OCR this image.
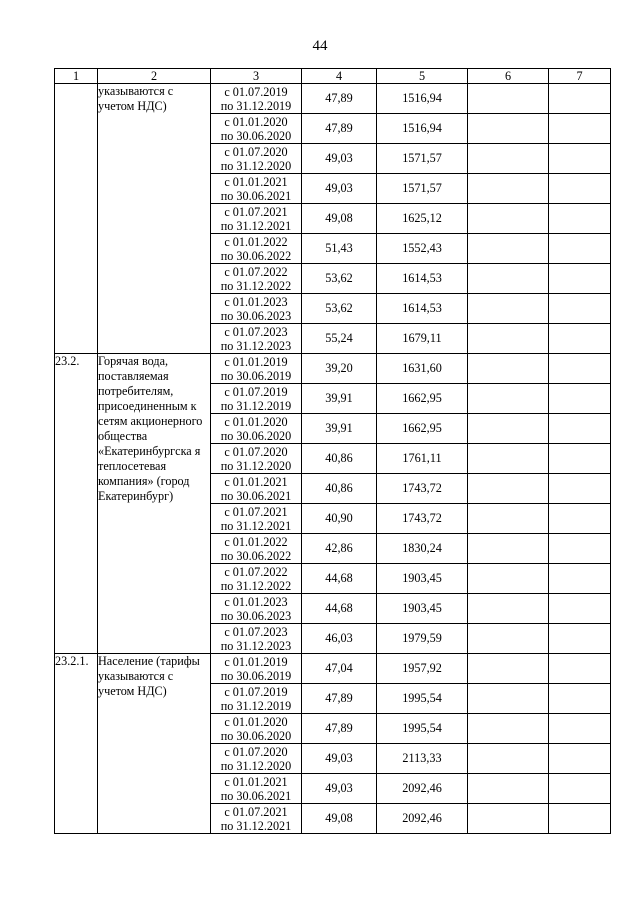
44
1	2	3	4	5	6	7
	указываются с учетом НДС)	с 01.07.2019
по 31.12.2019	47,89	1516,94		
		с 01.01.2020
по 30.06.2020	47,89	1516,94		
		с 01.07.2020
по 31.12.2020	49,03	1571,57		
		с 01.01.2021
по 30.06.2021	49,03	1571,57		
		с 01.07.2021
по 31.12.2021	49,08	1625,12		
		с 01.01.2022
по 30.06.2022	51,43	1552,43		
		с 01.07.2022
по 31.12.2022	53,62	1614,53		
		с 01.01.2023
по 30.06.2023	53,62	1614,53		
		с 01.07.2023
по 31.12.2023	55,24	1679,11		
23.2.	Горячая вода, поставляемая потребителям, присоединенным к сетям акционерного общества «Екатеринбургска я теплосетевая компания» (город Екатеринбург)	с 01.01.2019
по 30.06.2019	39,20	1631,60		
		с 01.07.2019
по 31.12.2019	39,91	1662,95		
		с 01.01.2020
по 30.06.2020	39,91	1662,95		
		с 01.07.2020
по 31.12.2020	40,86	1761,11		
		с 01.01.2021
по 30.06.2021	40,86	1743,72		
		с 01.07.2021
по 31.12.2021	40,90	1743,72		
		с 01.01.2022
по 30.06.2022	42,86	1830,24		
		с 01.07.2022
по 31.12.2022	44,68	1903,45		
		с 01.01.2023
по 30.06.2023	44,68	1903,45		
		с 01.07.2023
по 31.12.2023	46,03	1979,59		
23.2.1.	Население (тарифы указываются с учетом НДС)	с 01.01.2019
по 30.06.2019	47,04	1957,92		
		с 01.07.2019
по 31.12.2019	47,89	1995,54		
		с 01.01.2020
по 30.06.2020	47,89	1995,54		
		с 01.07.2020
по 31.12.2020	49,03	2113,33		
		с 01.01.2021
по 30.06.2021	49,03	2092,46		
		с 01.07.2021
по 31.12.2021	49,08	2092,46		
